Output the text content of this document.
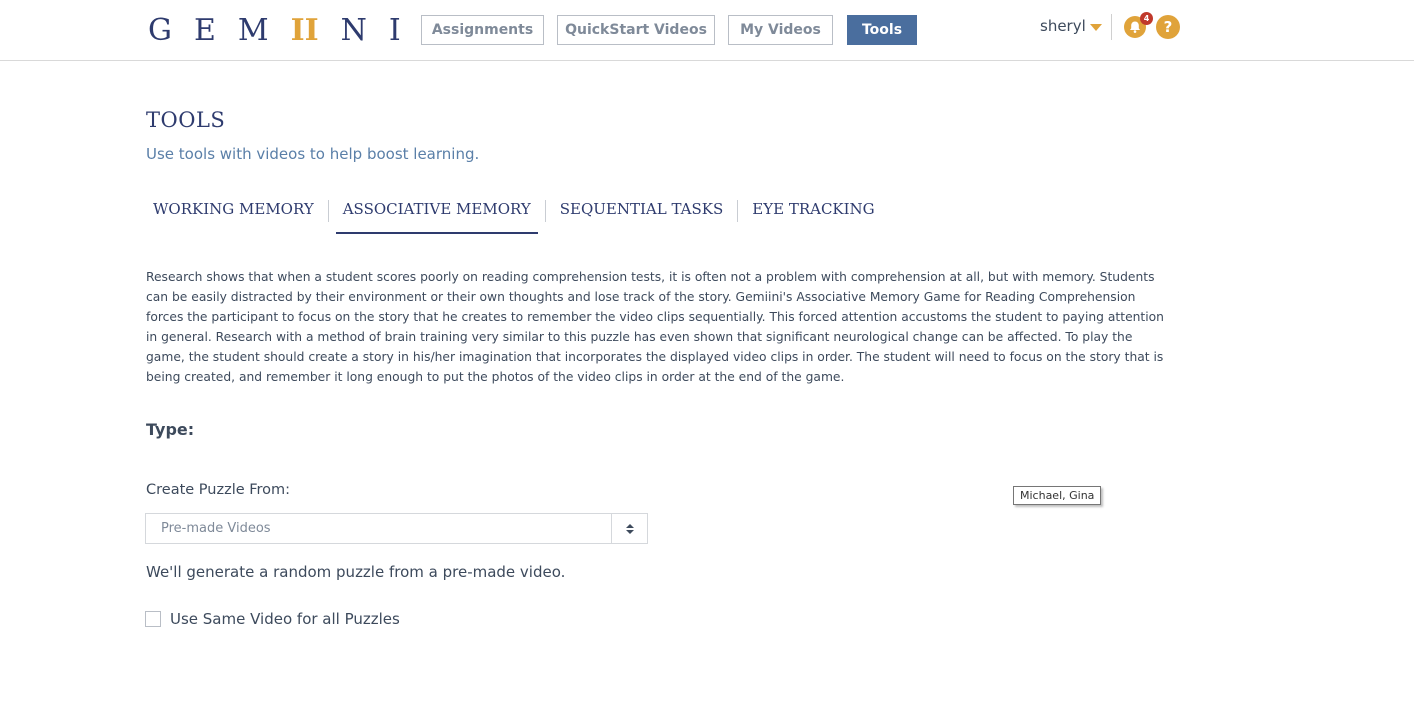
G E M II N I	Assignments	QuickStart Videos	My Videos	Tools	sheryl	4 ?
TOOLS
Use tools with videos to help boost learning.
WORKING MEMORY	ASSOCIATIVE MEMORY	SEQUENTIAL TASKS	EYE TRACKING

Research shows that when a student scores poorly on reading comprehension tests, it is often not a problem with comprehension at all, but with memory. Students can be easily distracted by their environment or their own thoughts and lose track of the story. Gemiini's Associative Memory Game for Reading Comprehension forces the participant to focus on the story that he creates to remember the video clips sequentially. This forced attention accustoms the student to paying attention in general. Research with a method of brain training very similar to this puzzle has even shown that significant neurological change can be affected. To play the game, the student should create a story in his/her imagination that incorporates the displayed video clips in order. The student will need to focus on the story that is being created, and remember it long enough to put the photos of the video clips in order at the end of the game.

Type:
Create Puzzle From:
Pre-made Videos
We'll generate a random puzzle from a pre-made video.
Use Same Video for all Puzzles
Michael, Gina
